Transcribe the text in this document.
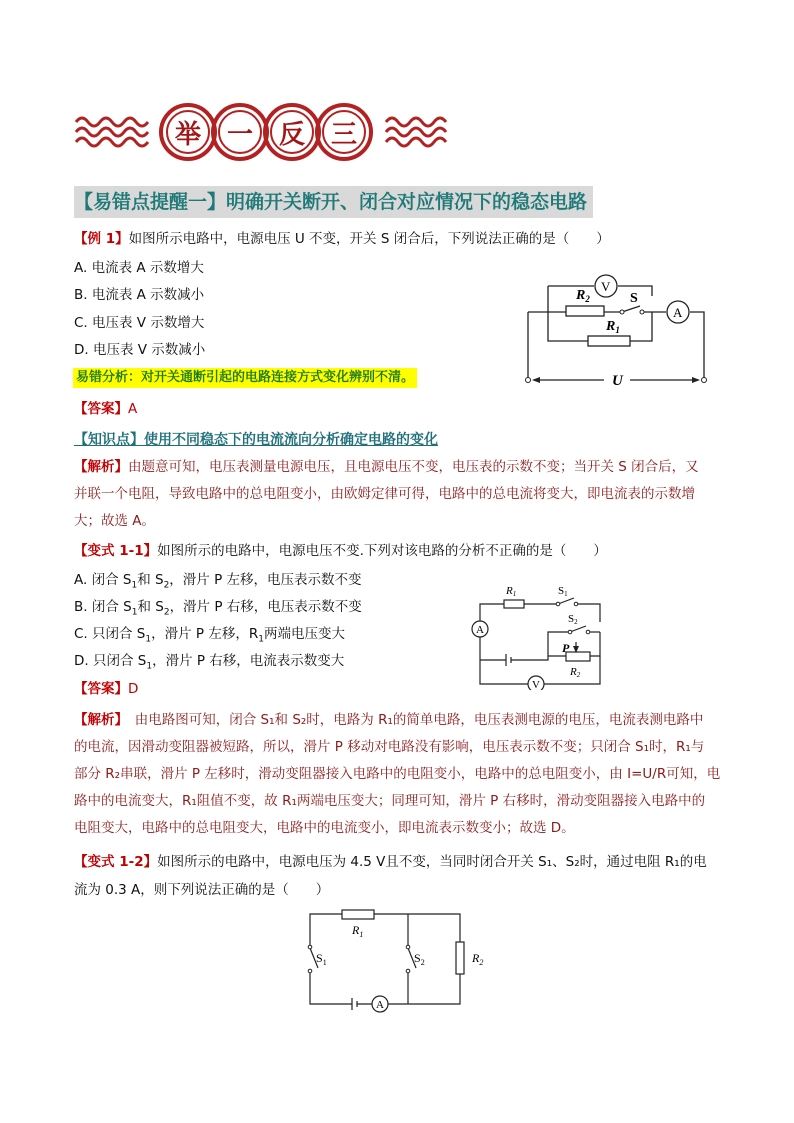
举 一 反 三
【易错点提醒一】明确开关断开、闭合对应情况下的稳态电路
【例 1】如图所示电路中，电源电压 U 不变，开关 S 闭合后，下列说法正确的是（　　）
A. 电流表 A 示数增大
B. 电流表 A 示数减小
C. 电压表 V 示数增大
D. 电压表 V 示数减小
易错分析：对开关通断引起的电路连接方式变化辨别不清。
V
A
$R_2$	S
$R_1$
U
【答案】A
【知识点】使用不同稳态下的电流流向分析确定电路的变化
【解析】由题意可知，电压表测量电源电压，且电源电压不变，电压表的示数不变；当开关 S 闭合后，又
并联一个电阻，导致电路中的总电阻变小，由欧姆定律可得，电路中的总电流将变大，即电流表的示数增
大；故选 A。
【变式 1-1】如图所示的电路中，电源电压不变.下列对该电路的分析不正确的是（　　）
A. 闭合 $S_1$和 $S_2$，滑片 P 左移，电压表示数不变
B. 闭合 $S_1$和 $S_2$，滑片 P 右移，电压表示数不变
C. 只闭合 $S_1$，滑片 P 左移，$R_1$两端电压变大
D. 只闭合 $S_1$，滑片 P 右移，电流表示数变大
A
V
R1	S1
S2
P
R2
【答案】D
【解析】　由电路图可知，闭合 S₁和 S₂时，电路为 R₁的简单电路，电压表测电源的电压，电流表测电路中
的电流，因滑动变阻器被短路，所以，滑片 P 移动对电路没有影响，电压表示数不变；只闭合 S₁时，R₁与
部分 R₂串联，滑片 P 左移时，滑动变阻器接入电路中的电阻变小，电路中的总电阻变小，由 I=U/R可知，电
路中的电流变大，R₁阻值不变，故 R₁两端电压变大；同理可知，滑片 P 右移时，滑动变阻器接入电路中的
电阻变大，电路中的总电阻变大，电路中的电流变小，即电流表示数变小；故选 D。
【变式 1-2】如图所示的电路中，电源电压为 4.5 V且不变，当同时闭合开关 S₁、S₂时，通过电阻 R₁的电
流为 0.3 A，则下列说法正确的是（　　）
A
$R_1$
$S_1$	$S_2$	$R_2$
